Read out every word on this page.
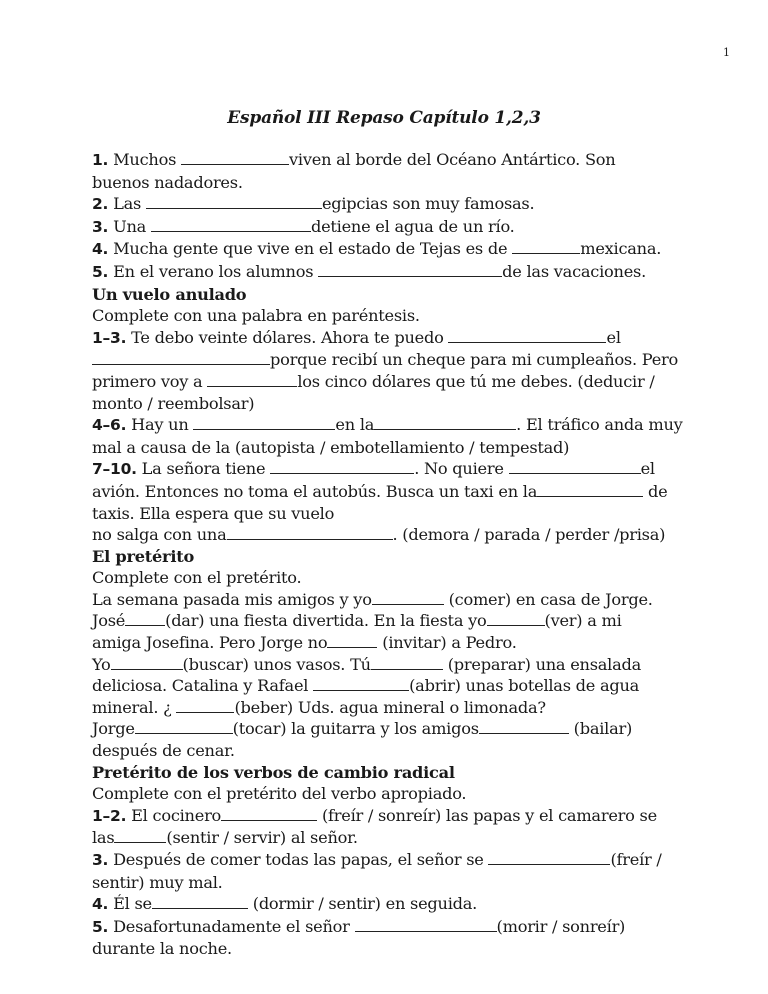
1
Español III Repaso Capítulo 1,2,3
1. Muchos	viven al borde del Océano Antártico. Son
buenos nadadores.
2. Las	egipcias son muy famosas.
3. Una	detiene el agua de un río.
4. Mucha gente que vive en el estado de Tejas es de	mexicana.
5. En el verano los alumnos	de las vacaciones.
Un vuelo anulado
Complete con una palabra en paréntesis.
1–3. Te debo veinte dólares. Ahora te puedo	el
porque recibí un cheque para mi cumpleaños. Pero
primero voy a	los cinco dólares que tú me debes. (deducir /
monto / reembolsar)
4–6. Hay un	en la	. El tráfico anda muy
mal a causa de la (autopista / embotellamiento / tempestad)
7–10. La señora tiene	. No quiere	el
avión. Entonces no toma el autobús. Busca un taxi en la	de
taxis. Ella espera que su vuelo
no salga con una	. (demora / parada / perder /prisa)
El pretérito
Complete con el pretérito.
La semana pasada mis amigos y yo	(comer) en casa de Jorge.
José (dar) una fiesta divertida. En la fiesta yo	(ver) a mi
amiga Josefina. Pero Jorge no	(invitar) a Pedro.
Yo	(buscar) unos vasos. Tú	(preparar) una ensalada
deliciosa. Catalina y Rafael	(abrir) unas botellas de agua
mineral. ¿	(beber) Uds. agua mineral o limonada?
Jorge	(tocar) la guitarra y los amigos	(bailar)
después de cenar.
Pretérito de los verbos de cambio radical
Complete con el pretérito del verbo apropiado.
1–2. El cocinero	(freír / sonreír) las papas y el camarero se
las	(sentir / servir) al señor.
3. Después de comer todas las papas, el señor se	(freír /
sentir) muy mal.
4. Él se	(dormir / sentir) en seguida.
5. Desafortunadamente el señor	(morir / sonreír)
durante la noche.
